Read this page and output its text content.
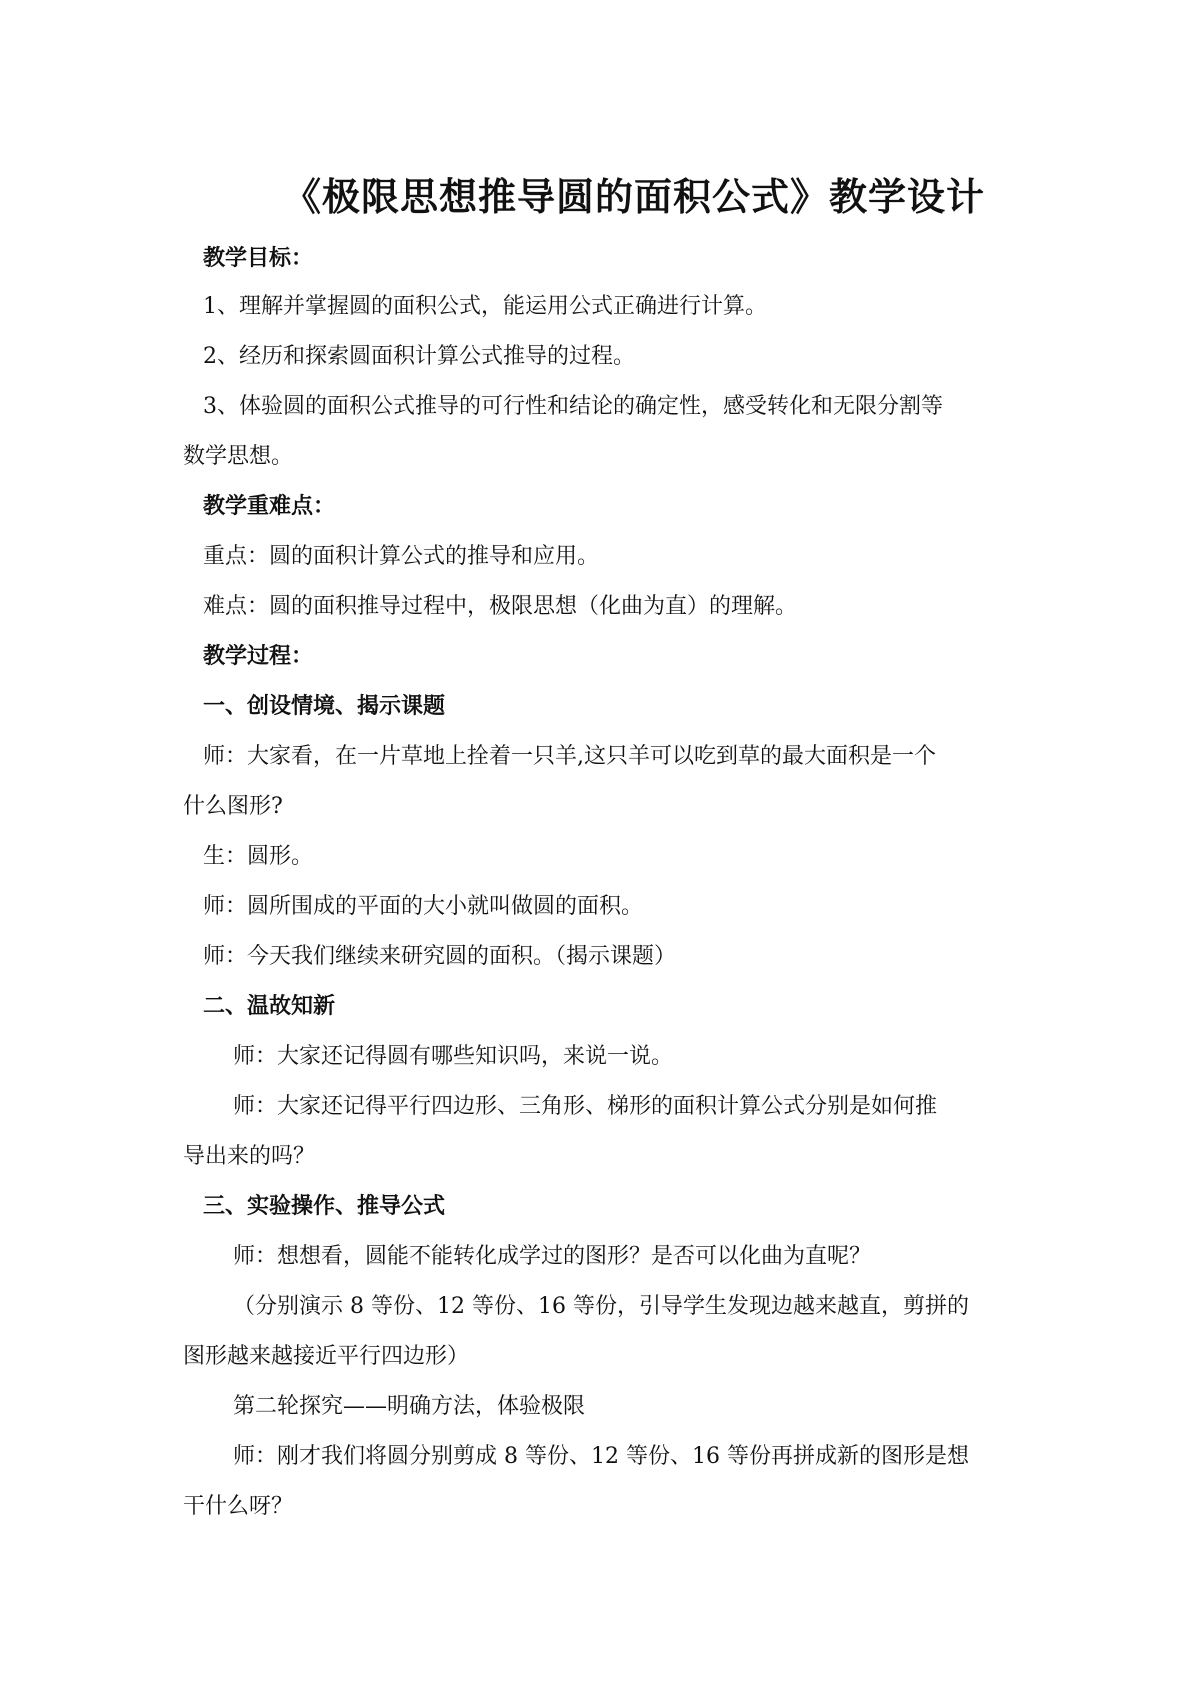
《极限思想推导圆的面积公式》教学设计
教学目标：
1、理解并掌握圆的面积公式，能运用公式正确进行计算。
2、经历和探索圆面积计算公式推导的过程。
3、体验圆的面积公式推导的可行性和结论的确定性，感受转化和无限分割等
数学思想。
教学重难点：
重点：圆的面积计算公式的推导和应用。
难点：圆的面积推导过程中，极限思想（化曲为直）的理解。
教学过程：
一、创设情境、揭示课题
师：大家看，在一片草地上拴着一只羊,这只羊可以吃到草的最大面积是一个
什么图形?
生：圆形。
师：圆所围成的平面的大小就叫做圆的面积。
师：今天我们继续来研究圆的面积。（揭示课题）
二、温故知新
师：大家还记得圆有哪些知识吗，来说一说。
师：大家还记得平行四边形、三角形、梯形的面积计算公式分别是如何推
导出来的吗？
三、实验操作、推导公式
师：想想看，圆能不能转化成学过的图形？是否可以化曲为直呢？
（分别演示 8 等份、12 等份、16 等份，引导学生发现边越来越直，剪拼的
图形越来越接近平行四边形）
第二轮探究——明确方法，体验极限
师：刚才我们将圆分别剪成 8 等份、12 等份、16 等份再拼成新的图形是想
干什么呀？
